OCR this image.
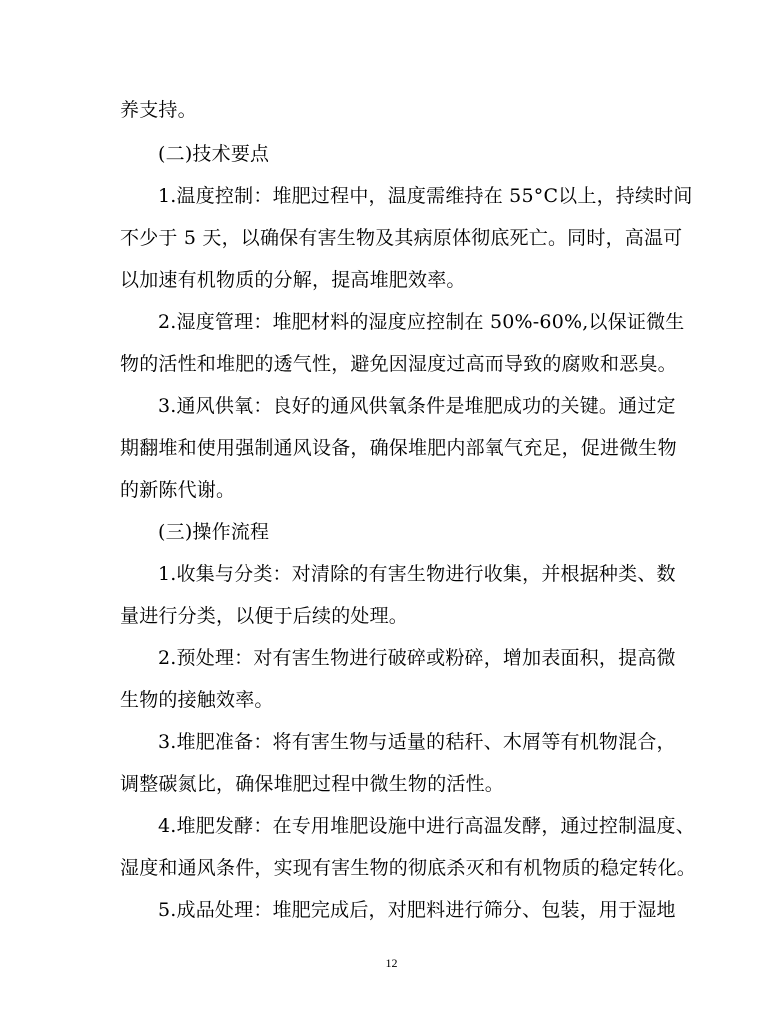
养支持。
(二)技术要点
1.温度控制：堆肥过程中，温度需维持在 55°C以上，持续时间
不少于 5 天，以确保有害生物及其病原体彻底死亡。同时，高温可
以加速有机物质的分解，提高堆肥效率。
2.湿度管理：堆肥材料的湿度应控制在 50%-60%,以保证微生
物的活性和堆肥的透气性，避免因湿度过高而导致的腐败和恶臭。
3.通风供氧：良好的通风供氧条件是堆肥成功的关键。通过定
期翻堆和使用强制通风设备，确保堆肥内部氧气充足，促进微生物
的新陈代谢。
(三)操作流程
1.收集与分类：对清除的有害生物进行收集，并根据种类、数
量进行分类，以便于后续的处理。
2.预处理：对有害生物进行破碎或粉碎，增加表面积，提高微
生物的接触效率。
3.堆肥准备：将有害生物与适量的秸秆、木屑等有机物混合，
调整碳氮比，确保堆肥过程中微生物的活性。
4.堆肥发酵：在专用堆肥设施中进行高温发酵，通过控制温度、
湿度和通风条件，实现有害生物的彻底杀灭和有机物质的稳定转化。
5.成品处理：堆肥完成后，对肥料进行筛分、包装，用于湿地
12
